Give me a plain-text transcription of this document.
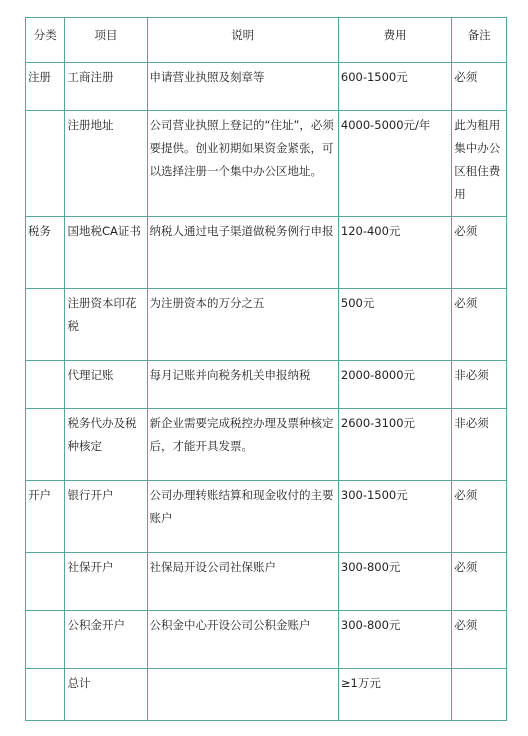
分类	项目	说明	费用	备注
注册	工商注册	申请营业执照及刻章等	600-1500元	必须
	注册地址	公司营业执照上登记的“住址”，必须要提供。创业初期如果资金紧张，可以选择注册一个集中办公区地址。	4000-5000元/年	此为租用集中办公区租住费用
税务	国地税CA证书	纳税人通过电子渠道做税务例行申报	120-400元	必须
	注册资本印花税	为注册资本的万分之五	500元	必须
	代理记账	每月记账并向税务机关申报纳税	2000-8000元	非必须
	税务代办及税种核定	新企业需要完成税控办理及票种核定后，才能开具发票。	2600-3100元	非必须
开户	银行开户	公司办理转账结算和现金收付的主要账户	300-1500元	必须
	社保开户	社保局开设公司社保账户	300-800元	必须
	公积金开户	公积金中心开设公司公积金账户	300-800元	必须
	总计		≥1万元	
